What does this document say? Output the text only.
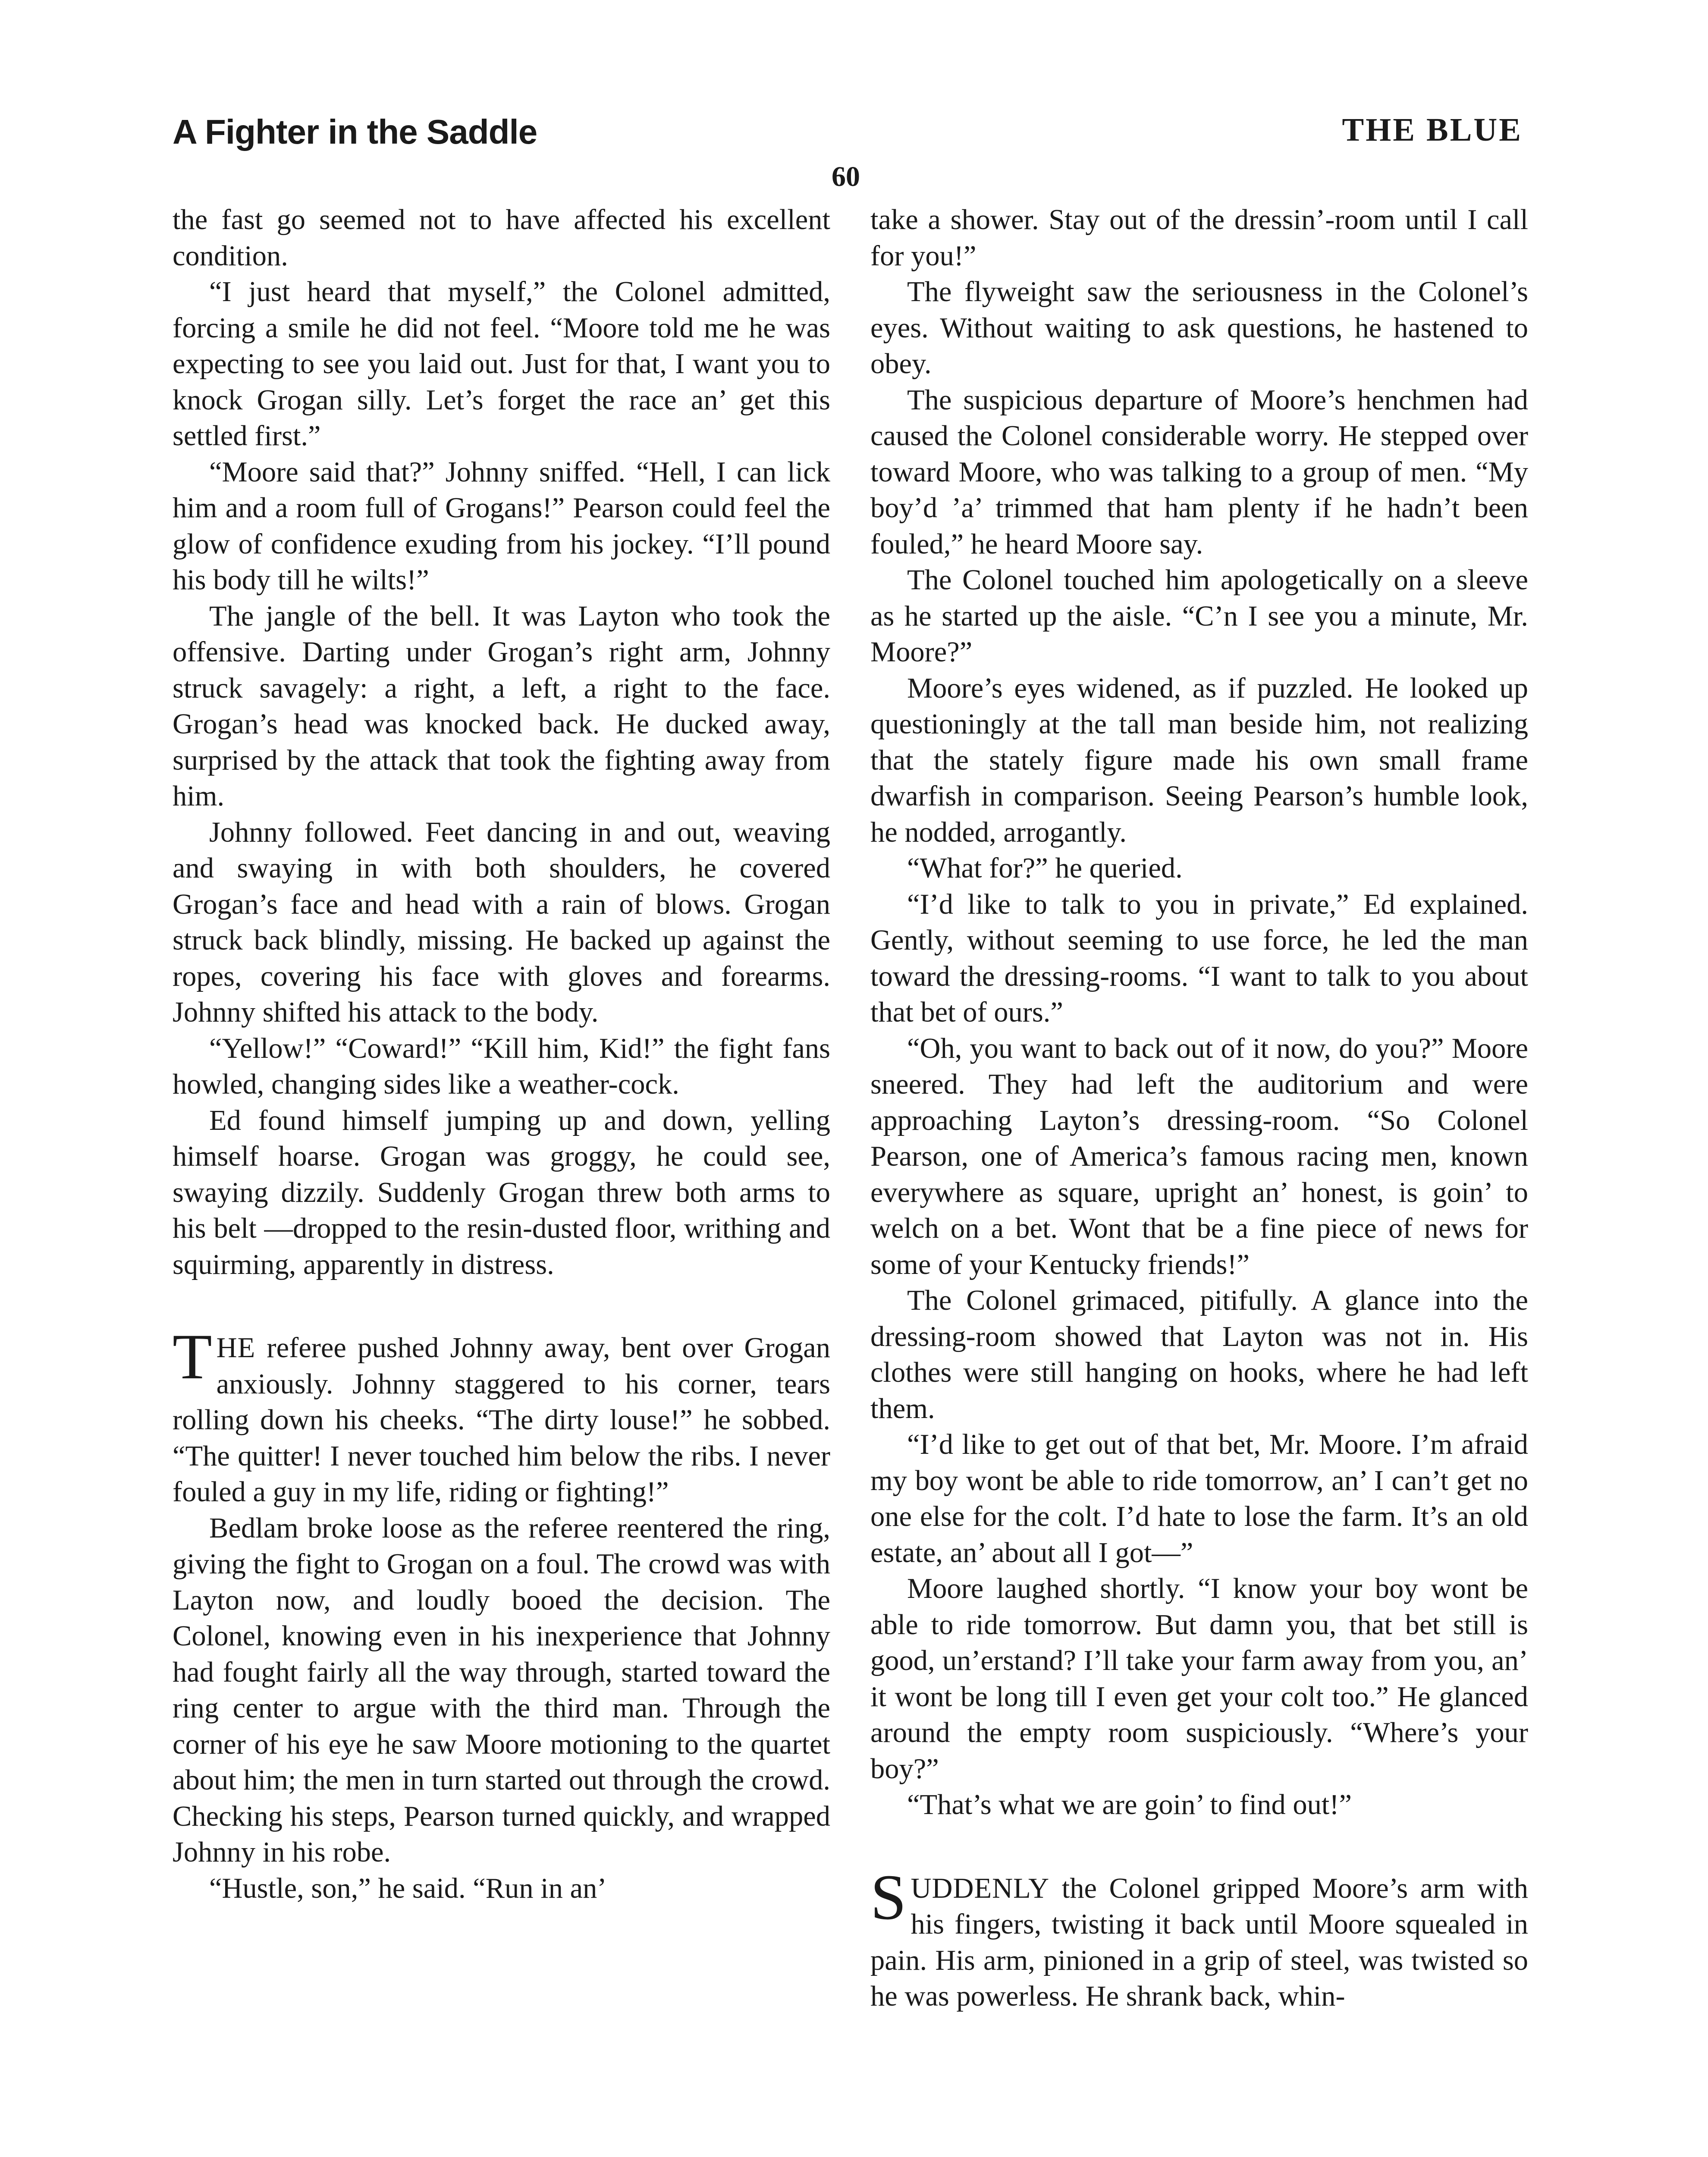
A Fighter in the Saddle	THE BLUE
60

the fast go seemed not to have affected his excellent condition.

“I just heard that myself,” the Colonel admitted, forcing a smile he did not feel. “Moore told me he was expecting to see you laid out. Just for that, I want you to knock Grogan silly. Let’s forget the race an’ get this settled first.”

“Moore said that?” Johnny sniffed. “Hell, I can lick him and a room full of Grogans!” Pearson could feel the glow of confidence exuding from his jockey. “I’ll pound his body till he wilts!”

The jangle of the bell. It was Layton who took the offensive. Darting under Grogan’s right arm, Johnny struck savagely: a right, a left, a right to the face. Grogan’s head was knocked back. He ducked away, surprised by the attack that took the fighting away from him.

Johnny followed. Feet dancing in and out, weaving and swaying in with both shoulders, he covered Grogan’s face and head with a rain of blows. Grogan struck back blindly, missing. He backed up against the ropes, covering his face with gloves and forearms. Johnny shifted his attack to the body.

“Yellow!” “Coward!” “Kill him, Kid!” the fight fans howled, changing sides like a weather-cock.

Ed found himself jumping up and down, yelling himself hoarse. Grogan was groggy, he could see, swaying dizzily. Suddenly Grogan threw both arms to his belt —dropped to the resin-dusted floor, writhing and squirming, apparently in distress.

THE referee pushed Johnny away, bent over Grogan anxiously. Johnny staggered to his corner, tears rolling down his cheeks. “The dirty louse!” he sobbed. “The quitter! I never touched him below the ribs. I never fouled a guy in my life, riding or fighting!”

Bedlam broke loose as the referee reentered the ring, giving the fight to Grogan on a foul. The crowd was with Layton now, and loudly booed the decision. The Colonel, knowing even in his inexperience that Johnny had fought fairly all the way through, started toward the ring center to argue with the third man. Through the corner of his eye he saw Moore motioning to the quartet about him; the men in turn started out through the crowd. Checking his steps, Pearson turned quickly, and wrapped Johnny in his robe.

“Hustle, son,” he said. “Run in an’

take a shower. Stay out of the dressin’-room until I call for you!”

The flyweight saw the seriousness in the Colonel’s eyes. Without waiting to ask questions, he hastened to obey.

The suspicious departure of Moore’s henchmen had caused the Colonel considerable worry. He stepped over toward Moore, who was talking to a group of men. “My boy’d ’a’ trimmed that ham plenty if he hadn’t been fouled,” he heard Moore say.

The Colonel touched him apologetically on a sleeve as he started up the aisle. “C’n I see you a minute, Mr. Moore?”

Moore’s eyes widened, as if puzzled. He looked up questioningly at the tall man beside him, not realizing that the stately figure made his own small frame dwarfish in comparison. Seeing Pearson’s humble look, he nodded, arrogantly.

“What for?” he queried.

“I’d like to talk to you in private,” Ed explained. Gently, without seeming to use force, he led the man toward the dressing-rooms. “I want to talk to you about that bet of ours.”

“Oh, you want to back out of it now, do you?” Moore sneered. They had left the auditorium and were approaching Layton’s dressing-room. “So Colonel Pearson, one of America’s famous racing men, known everywhere as square, upright an’ honest, is goin’ to welch on a bet. Wont that be a fine piece of news for some of your Kentucky friends!”

The Colonel grimaced, pitifully. A glance into the dressing-room showed that Layton was not in. His clothes were still hanging on hooks, where he had left them.

“I’d like to get out of that bet, Mr. Moore. I’m afraid my boy wont be able to ride tomorrow, an’ I can’t get no one else for the colt. I’d hate to lose the farm. It’s an old estate, an’ about all I got—”

Moore laughed shortly. “I know your boy wont be able to ride tomorrow. But damn you, that bet still is good, un’erstand? I’ll take your farm away from you, an’ it wont be long till I even get your colt too.” He glanced around the empty room suspiciously. “Where’s your boy?”

“That’s what we are goin’ to find out!”

SUDDENLY the Colonel gripped Moore’s arm with his fingers, twisting it back until Moore squealed in pain. His arm, pinioned in a grip of steel, was twisted so he was powerless. He shrank back, whin-
